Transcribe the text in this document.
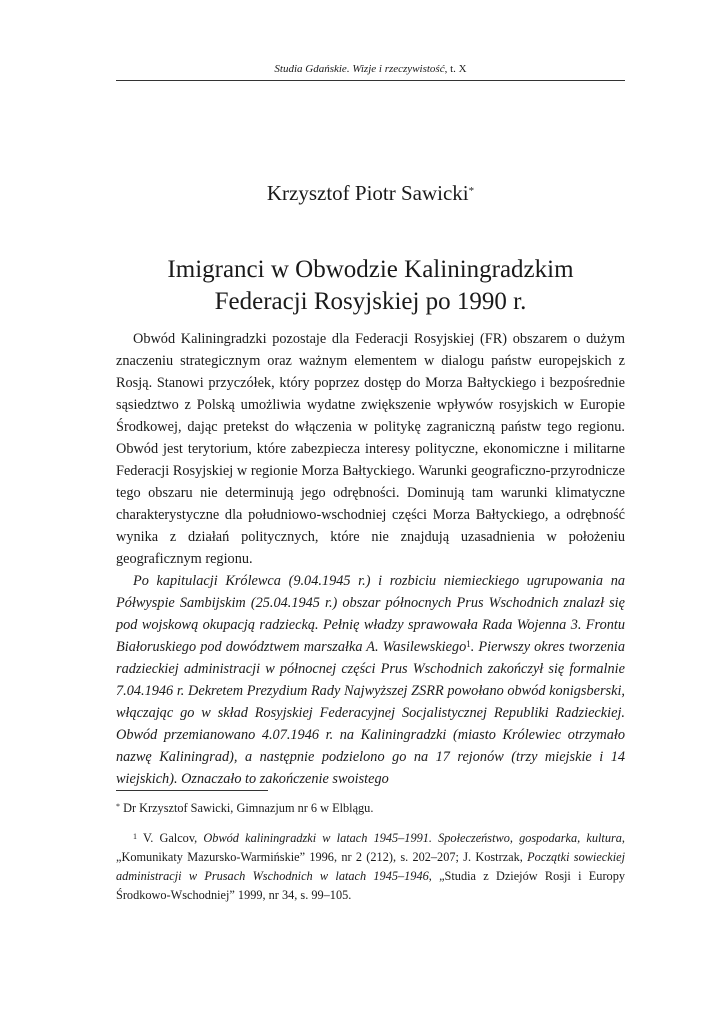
Studia Gdańskie. Wizje i rzeczywistość, t. X
Krzysztof Piotr Sawicki*
Imigranci w Obwodzie Kaliningradzkim
Federacji Rosyjskiej po 1990 r.

Obwód Kaliningradzki pozostaje dla Federacji Rosyjskiej (FR) obszarem o dużym znaczeniu strategicznym oraz ważnym elementem w dialogu państw europejskich z Rosją. Stanowi przyczółek, który poprzez dostęp do Morza Bałtyckiego i bezpośrednie sąsiedztwo z Polską umożliwia wydatne zwiększenie wpływów rosyjskich w Europie Środkowej, dając pretekst do włączenia w politykę zagraniczną państw tego regionu. Obwód jest terytorium, które zabezpiecza interesy polityczne, ekonomiczne i militarne Federacji Rosyjskiej w regionie Morza Bałtyckiego. Warunki geograficzno-przyrodnicze tego obszaru nie determinują jego odrębności. Dominują tam warunki klimatyczne charakterystyczne dla południowo-wschodniej części Morza Bałtyckiego, a odrębność wynika z działań politycznych, które nie znajdują uzasadnienia w położeniu geograficznym regionu.

Po kapitulacji Królewca (9.04.1945 r.) i rozbiciu niemieckiego ugrupowania na Półwyspie Sambijskim (25.04.1945 r.) obszar północnych Prus Wschodnich znalazł się pod wojskową okupacją radziecką. Pełnię władzy sprawowała Rada Wojenna 3. Frontu Białoruskiego pod dowództwem marszałka A. Wasilewskiego$^1$. Pierwszy okres tworzenia radzieckiej administracji w północnej części Prus Wschodnich zakończył się formalnie 7.04.1946 r. Dekretem Prezydium Rady Najwyższej ZSRR powołano obwód konigsberski, włączając go w skład Rosyjskiej Federacyjnej Socjalistycznej Republiki Radzieckiej. Obwód przemianowano 4.07.1946 r. na Kaliningradzki (miasto Królewiec otrzymało nazwę Kaliningrad), a następnie podzielono go na 17 rejonów (trzy miejskie i 14 wiejskich). Oznaczało to zakończenie swoistego

* Dr Krzysztof Sawicki, Gimnazjum nr 6 w Elblągu.
$^1$ V. Galcov, Obwód kaliningradzki w latach 1945–1991. Społeczeństwo, gospodarka, kultura, „Komunikaty Mazursko-Warmińskie” 1996, nr 2 (212), s. 202–207; J. Kostrzak, Początki sowieckiej administracji w Prusach Wschodnich w latach 1945–1946, „Studia z Dziejów Rosji i Europy Środkowo-Wschodniej” 1999, nr 34, s. 99–105.
